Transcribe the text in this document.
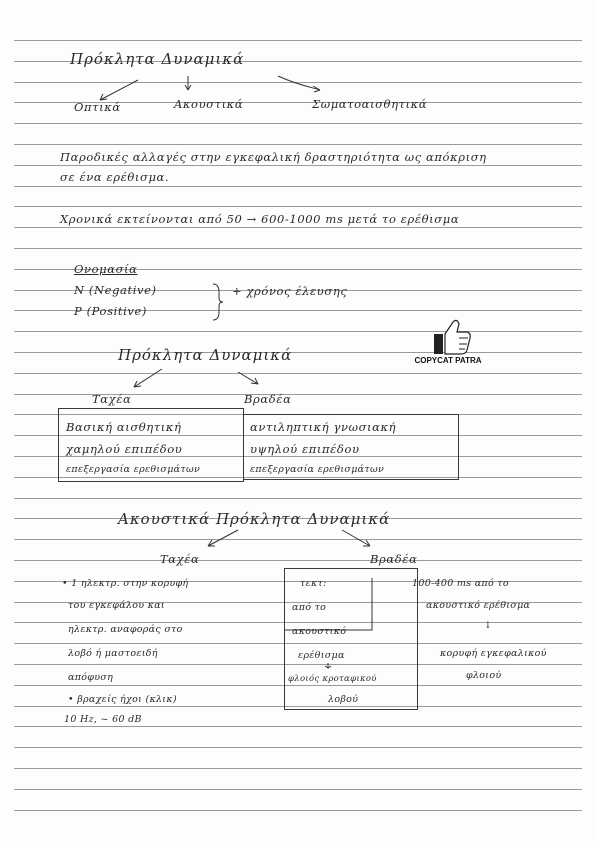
Πρόκλητα Δυναμικά
Οπτικά	Ακουστικά	Σωματοαισθητικά
Παροδικές αλλαγές στην εγκεφαλική δραστηριότητα ως απόκριση
σε ένα ερέθισμα.
Χρονικά εκτείνονται από 50 → 600-1000 ms μετά το ερέθισμα
Ονομασία
N (Negative)
P (Positive)
+ χρόνος έλευσης
COPYCAT PATRA
Πρόκλητα Δυναμικά
Ταχέα	Βραδέα
Βασική αισθητική
χαμηλού επιπέδου
επεξεργασία ερεθισμάτων
αντιληπτική γνωσιακή
υψηλού επιπέδου
επεξεργασία ερεθισμάτων
Ακουστικά Πρόκλητα Δυναμικά
Ταχέα	Βραδέα
• 1 ηλεκτρ. στην κορυφή
του εγκεφάλου και
ηλεκτρ. αναφοράς στο
λοβό ή μαστοειδή
απόφυση
• βραχείς ήχοι (κλικ)
10 Hz, ~ 60 dB
τεκτ:
από το
ακουστικό
ερέθισμα
φλοιός κροταφικού
λοβού
100-400 ms από το
ακουστικό ερέθισμα
↓
κορυφή εγκεφαλικού
φλοιού
